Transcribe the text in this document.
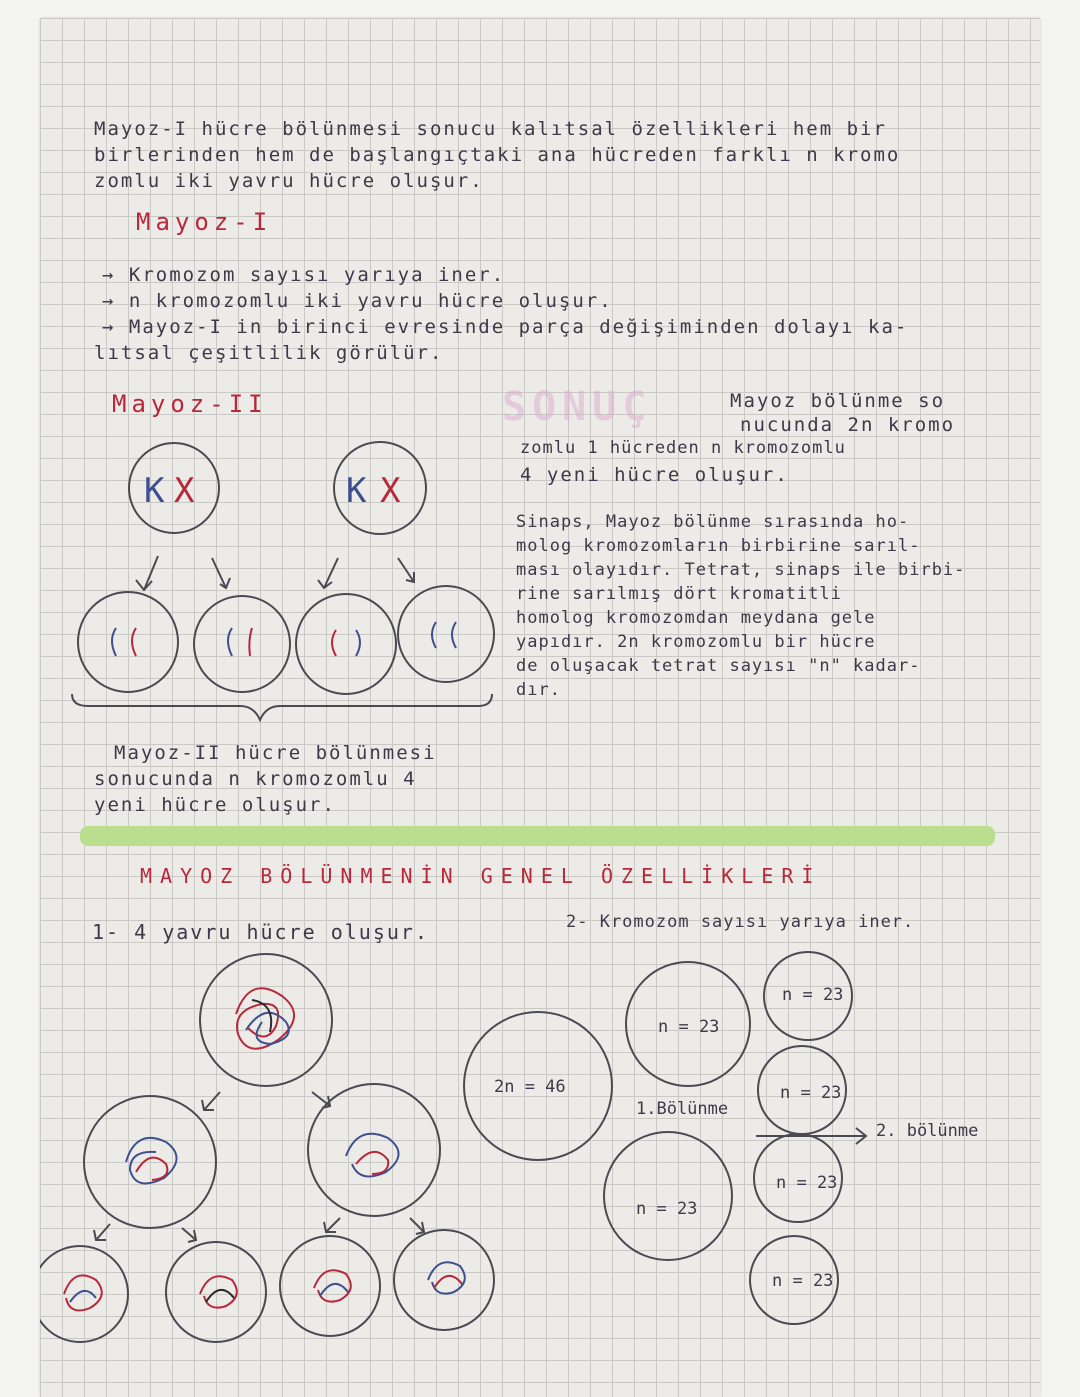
Mayoz-I hücre bölünmesi sonucu kalıtsal özellikleri hem bir
birlerinden hem de başlangıçtaki ana hücreden farklı n kromo
zomlu iki yavru hücre oluşur.
Mayoz-I
→ Kromozom sayısı yarıya iner.
→ n kromozomlu iki yavru hücre oluşur.
→ Mayoz-I in birinci evresinde parça değişiminden dolayı ka-
lıtsal çeşitlilik görülür.
Mayoz-II	SONUÇ	Mayoz bölünme so
nucunda 2n kromo
zomlu 1 hücreden n kromozomlu
4 yeni hücre oluşur.
Sinaps, Mayoz bölünme sırasında ho-
molog kromozomların birbirine sarıl-
ması olayıdır. Tetrat, sinaps ile birbi-
rine sarılmış dört kromatitli
homolog kromozomdan meydana gele
yapıdır. 2n kromozomlu bir hücre
de oluşacak tetrat sayısı "n" kadar-
dır.
Mayoz-II hücre bölünmesi
sonucunda n kromozomlu 4
yeni hücre oluşur.
MAYOZ BÖLÜNMENİN GENEL ÖZELLİKLERİ
1- 4 yavru hücre oluşur.	2- Kromozom sayısı yarıya iner.
K X	K X
2n = 46
n = 23
n = 23
1.Bölünme
n = 23
n = 23
n = 23
n = 23
2. bölünme
